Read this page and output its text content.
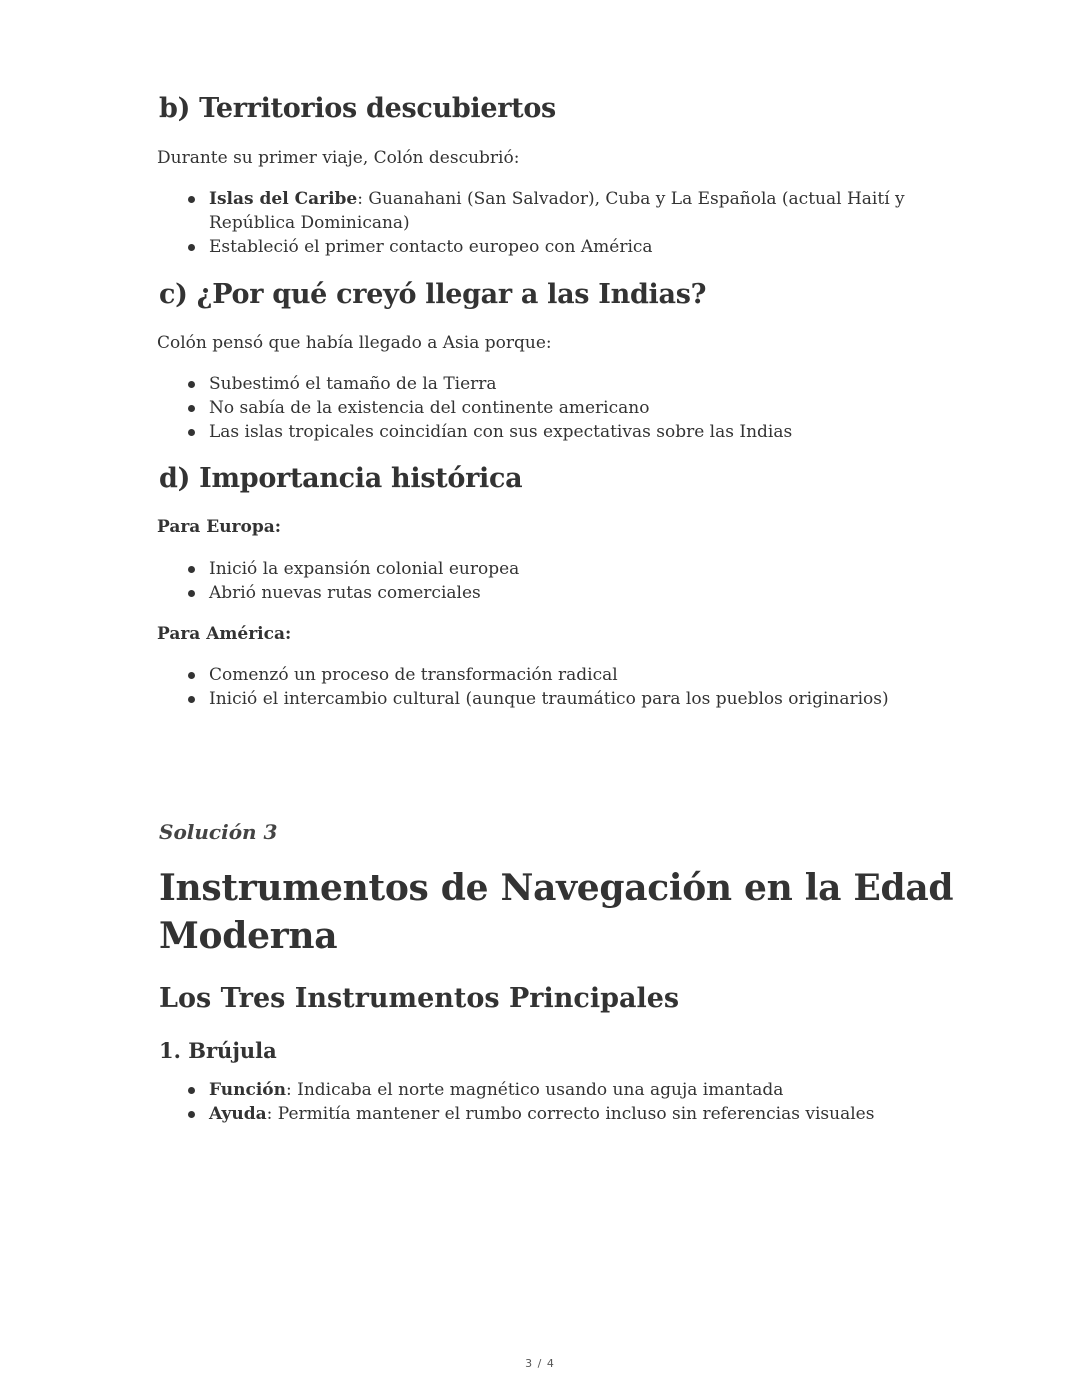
b) Territorios descubiertos

Durante su primer viaje, Colón descubrió:

Islas del Caribe: Guanahani (San Salvador), Cuba y La Española (actual Haití y
República Dominicana)
Estableció el primer contacto europeo con América
c) ¿Por qué creyó llegar a las Indias?

Colón pensó que había llegado a Asia porque:

Subestimó el tamaño de la Tierra
No sabía de la existencia del continente americano
Las islas tropicales coincidían con sus expectativas sobre las Indias
d) Importancia histórica

Para Europa:

Inició la expansión colonial europea
Abrió nuevas rutas comerciales

Para América:

Comenzó un proceso de transformación radical
Inició el intercambio cultural (aunque traumático para los pueblos originarios)
Solución 3
Instrumentos de Navegación en la Edad
Moderna
Los Tres Instrumentos Principales
1. Brújula
Función: Indicaba el norte magnético usando una aguja imantada
Ayuda: Permitía mantener el rumbo correcto incluso sin referencias visuales
3 / 4
